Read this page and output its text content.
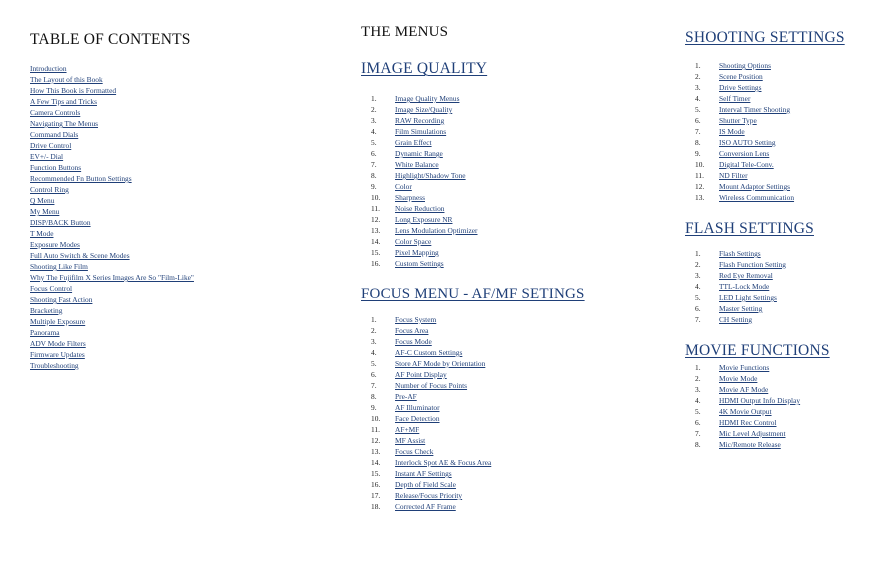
TABLE OF CONTENTS
Introduction
The Layout of this Book
How This Book is Formatted
A Few Tips and Tricks
Camera Controls
Navigating The Menus
Command Dials
Drive Control
EV+/- Dial
Function Buttons
Recommended Fn Button Settings
Control Ring
Q Menu
My Menu
DISP/BACK Button
T Mode
Exposure Modes
Full Auto Switch & Scene Modes
Shooting Like Film
Why The Fujifilm X Series Images Are So "Film-Like"
Focus Control
Shooting Fast Action
Bracketing
Multiple Exposure
Panorama
ADV Mode Filters
Firmware Updates
Troubleshooting
THE MENUS
IMAGE QUALITY
1. Image Quality Menus
2. Image Size/Quality
3. RAW Recording
4. Film Simulations
5. Grain Effect
6. Dynamic Range
7. White Balance
8. Highlight/Shadow Tone
9. Color
10. Sharpness
11. Noise Reduction
12. Long Exposure NR
13. Lens Modulation Optimizer
14. Color Space
15. Pixel Mapping
16. Custom Settings
FOCUS MENU - AF/MF SETINGS
1. Focus System
2. Focus Area
3. Focus Mode
4. AF-C Custom Settings
5. Store AF Mode by Orientation
6. AF Point Display
7. Number of Focus Points
8. Pre-AF
9. AF Illuminator
10. Face Detection
11. AF+MF
12. MF Assist
13. Focus Check
14. Interlock Spot AE & Focus Area
15. Instant AF Settings
16. Depth of Field Scale
17. Release/Focus Priority
18. Corrected AF Frame
SHOOTING SETTINGS
1. Shooting Options
2. Scene Position
3. Drive Settings
4. Self Timer
5. Interval Timer Shooting
6. Shutter Type
7. IS Mode
8. ISO AUTO Setting
9. Conversion Lens
10. Digital Tele-Conv.
11. ND Filter
12. Mount Adaptor Settings
13. Wireless Communication
FLASH SETTINGS
1. Flash Settings
2. Flash Function Setting
3. Red Eye Removal
4. TTL-Lock Mode
5. LED Light Settings
6. Master Setting
7. CH Setting
MOVIE FUNCTIONS
1. Movie Functions
2. Movie Mode
3. Movie AF Mode
4. HDMI Output Info Display
5. 4K Movie Output
6. HDMI Rec Control
7. Mic Level Adjustment
8. Mic/Remote Release
